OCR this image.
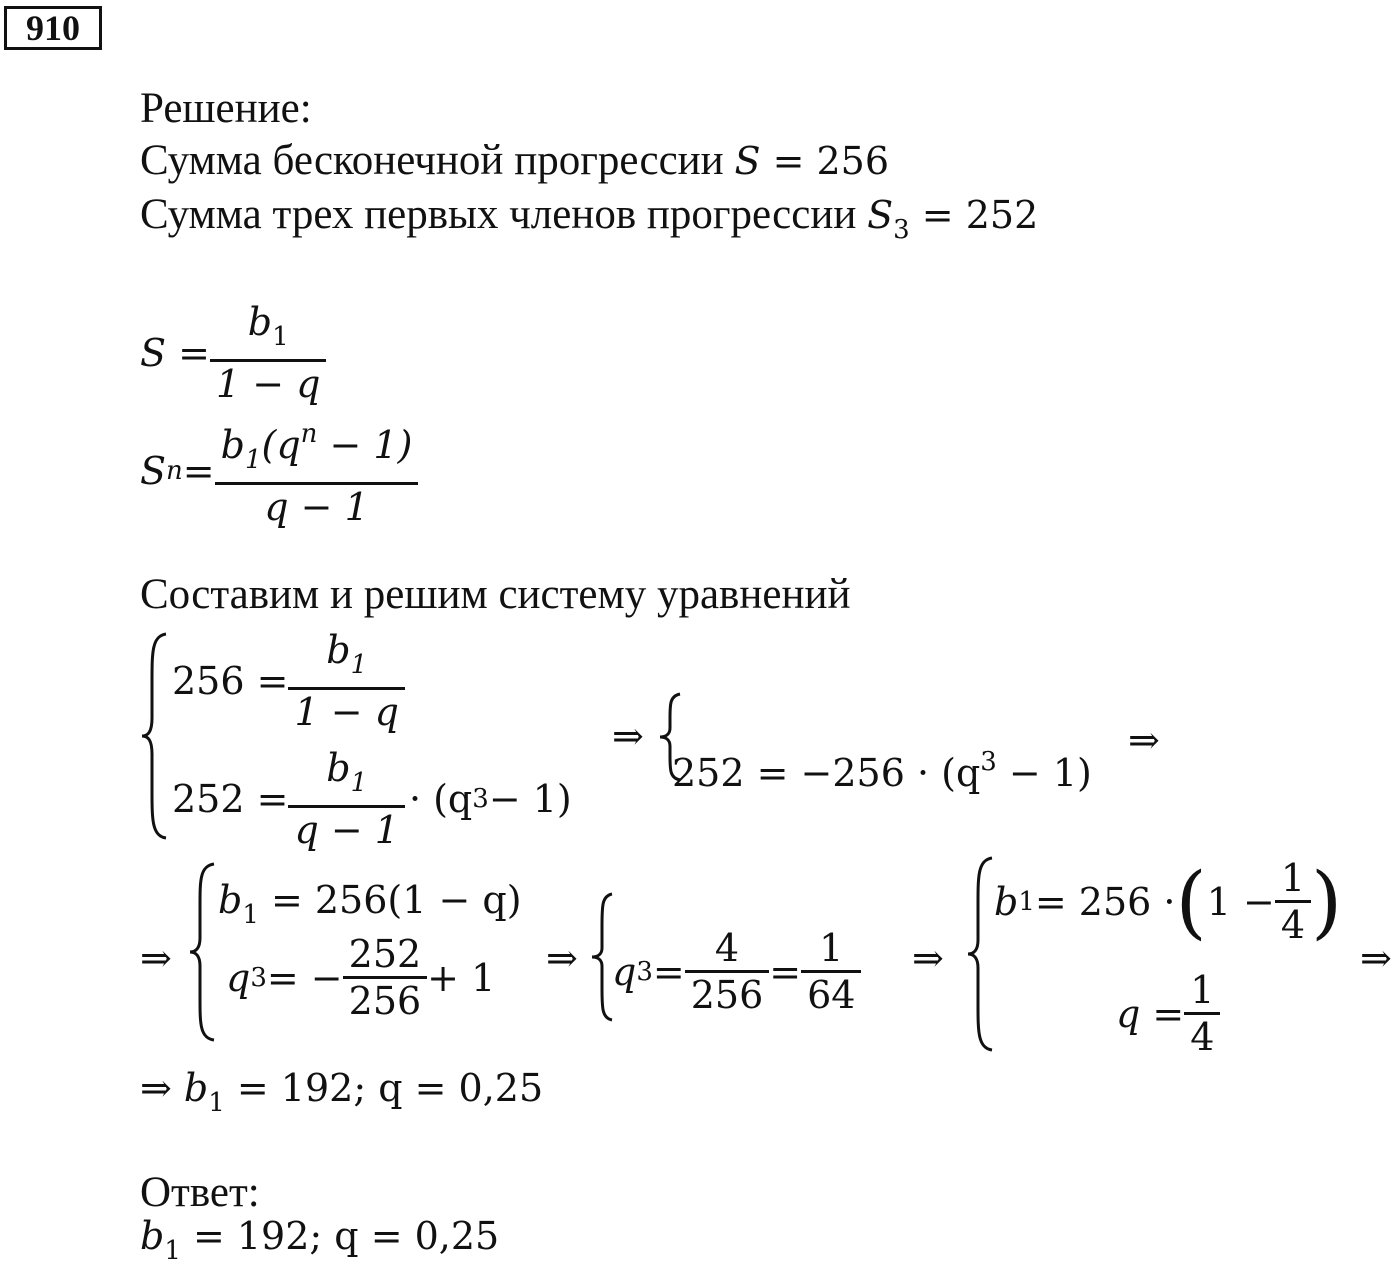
910
Решение:
Сумма бесконечной прогрессии S = 256
Сумма трех первых членов прогрессии $S_3 = 252$
$S = \frac{b_1}{1 - q}$
S $n = \frac{b_1(q^n - 1)}{q - 1}$
Составим и решим систему уравнений
$256 = \frac{b_1}{1 - q}$
$252 = \frac{b_1}{q - 1} \cdot (q$ 3 − 1)
⇒
$252 = -256 \cdot (q^3 - 1)$
⇒
⇒
$b_1 = 256(1 - q)$
q 3 = − $\frac{252}{256} + 1$ ⇒ q $3 = \frac{4}{256} = \frac{1}{64}$ ⇒
b 1 = 256 · ( $1 - \frac{1}{4}$ )
$q = \frac{1}{4}$
⇒
⇒ $b_1 = 192$; q = 0,25
Ответ:
$b_1 = 192$; q = 0,25
